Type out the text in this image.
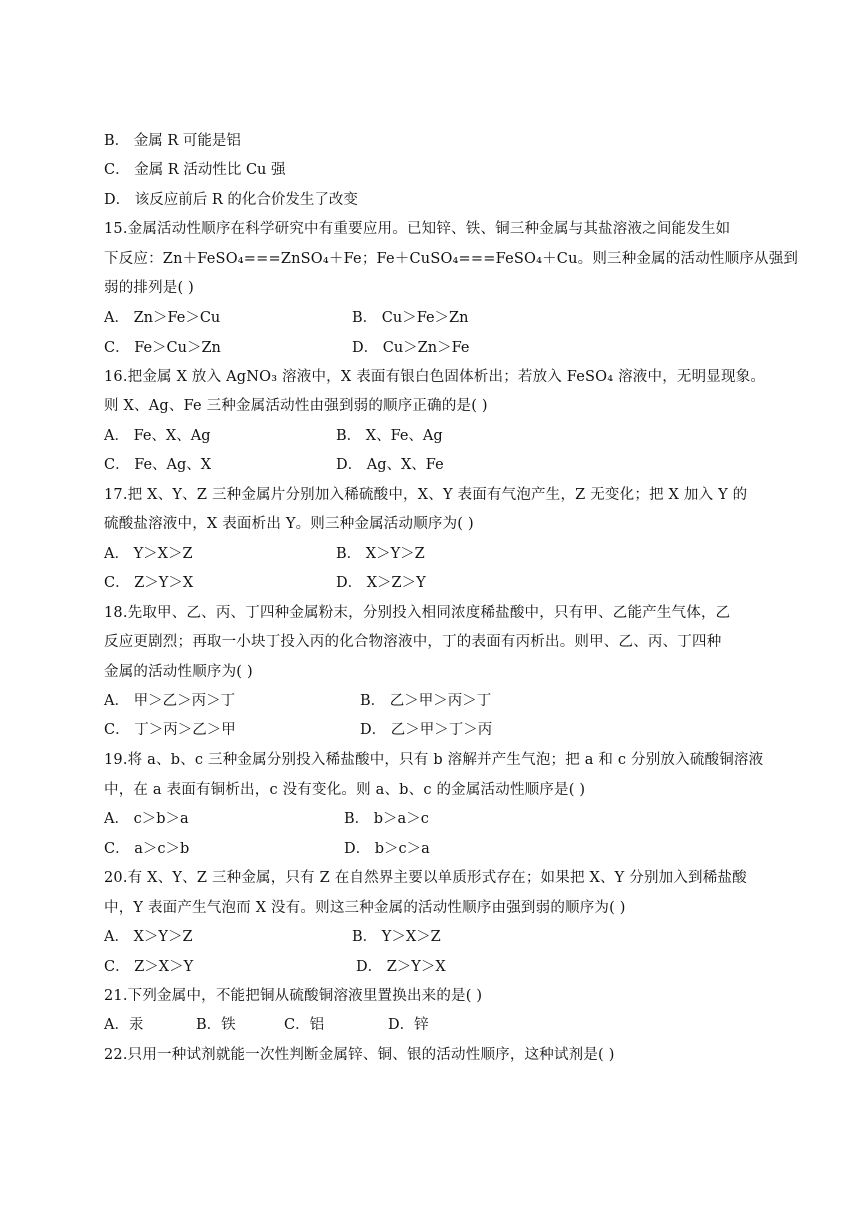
B． 金属 R 可能是铝
C． 金属 R 活动性比 Cu 强
D． 该反应前后 R 的化合价发生了改变
15.金属活动性顺序在科学研究中有重要应用。已知锌、铁、铜三种金属与其盐溶液之间能发生如
下反应：Zn＋FeSO₄===ZnSO₄＋Fe；Fe＋CuSO₄===FeSO₄＋Cu。则三种金属的活动性顺序从强到
弱的排列是( )
A． Zn＞Fe＞Cu	B． Cu＞Fe＞Zn
C． Fe＞Cu＞Zn	D． Cu＞Zn＞Fe
16.把金属 X 放入 AgNO₃ 溶液中，X 表面有银白色固体析出；若放入 FeSO₄ 溶液中，无明显现象。
则 X、Ag、Fe 三种金属活动性由强到弱的顺序正确的是( )
A． Fe、X、Ag	B． X、Fe、Ag
C． Fe、Ag、X	D． Ag、X、Fe
17.把 X、Y、Z 三种金属片分别加入稀硫酸中，X、Y 表面有气泡产生，Z 无变化；把 X 加入 Y 的
硫酸盐溶液中，X 表面析出 Y。则三种金属活动顺序为( )
A． Y＞X＞Z	B． X＞Y＞Z
C． Z＞Y＞X	D． X＞Z＞Y
18.先取甲、乙、丙、丁四种金属粉末，分别投入相同浓度稀盐酸中，只有甲、乙能产生气体，乙
反应更剧烈；再取一小块丁投入丙的化合物溶液中，丁的表面有丙析出。则甲、乙、丙、丁四种
金属的活动性顺序为( )
A． 甲＞乙＞丙＞丁	B． 乙＞甲＞丙＞丁
C． 丁＞丙＞乙＞甲	D． 乙＞甲＞丁＞丙
19.将 a、b、c 三种金属分别投入稀盐酸中，只有 b 溶解并产生气泡；把 a 和 c 分别放入硫酸铜溶液
中，在 a 表面有铜析出，c 没有变化。则 a、b、c 的金属活动性顺序是( )
A． c＞b＞a	B． b＞a＞c
C． a＞c＞b	D． b＞c＞a
20.有 X、Y、Z 三种金属，只有 Z 在自然界主要以单质形式存在；如果把 X、Y 分别加入到稀盐酸
中，Y 表面产生气泡而 X 没有。则这三种金属的活动性顺序由强到弱的顺序为( )
A． X＞Y＞Z	B． Y＞X＞Z
C． Z＞X＞Y	D． Z＞Y＞X
21.下列金属中，不能把铜从硫酸铜溶液里置换出来的是( )
A．汞	B．铁	C．铝	D．锌
22.只用一种试剂就能一次性判断金属锌、铜、银的活动性顺序，这种试剂是( )
